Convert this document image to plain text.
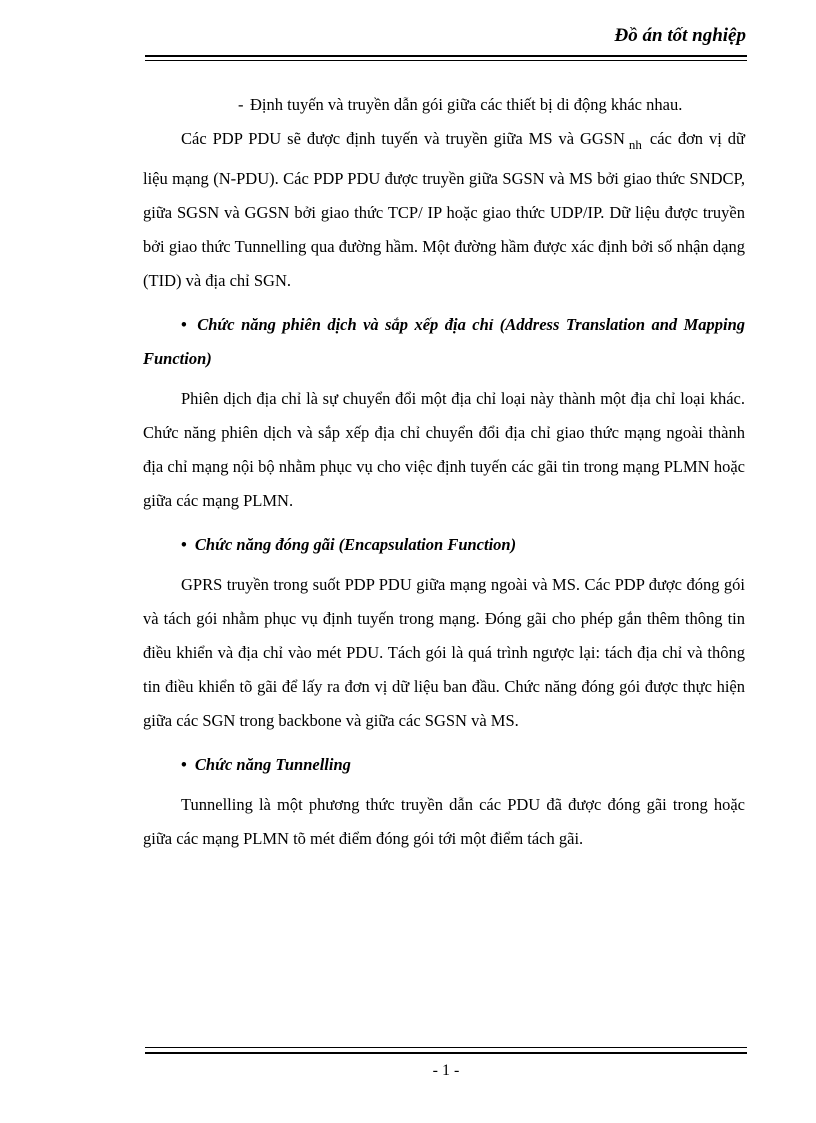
Đồ án tốt nghiệp

- Định tuyến và truyền dẫn gói giữa các thiết bị di động khác nhau.

Các PDP PDU sẽ được định tuyến và truyền giữa MS và GGSN $_{nh}$ các đơn vị dữ liệu mạng (N-PDU). Các PDP PDU được truyền giữa SGSN và MS bởi giao thức SNDCP, giữa SGSN và GGSN bởi giao thức TCP/ IP hoặc giao thức UDP/IP. Dữ liệu được truyền bởi giao thức Tunnelling qua đường hầm. Một đường hầm được xác định bởi số nhận dạng (TID) và địa chỉ SGN.

• Chức năng phiên dịch và sắp xếp địa chỉ (Address Translation and Mapping Function)

Phiên dịch địa chỉ là sự chuyển đổi một địa chỉ loại này thành một địa chỉ loại khác. Chức năng phiên dịch và sắp xếp địa chỉ chuyển đổi địa chỉ giao thức mạng ngoài thành địa chỉ mạng nội bộ nhằm phục vụ cho việc định tuyến các gãi tin trong mạng PLMN hoặc giữa các mạng PLMN.

• Chức năng đóng gãi (Encapsulation Function)

GPRS truyền trong suốt PDP PDU giữa mạng ngoài và MS. Các PDP được đóng gói và tách gói nhằm phục vụ định tuyến trong mạng. Đóng gãi cho phép gắn thêm thông tin điều khiển và địa chỉ vào mét PDU. Tách gói là quá trình ngược lại: tách địa chỉ và thông tin điều khiển tõ gãi để lấy ra đơn vị dữ liệu ban đầu. Chức năng đóng gói được thực hiện giữa các SGN trong backbone và giữa các SGSN và MS.

• Chức năng Tunnelling

Tunnelling là một phương thức truyền dẫn các PDU đã được đóng gãi trong hoặc giữa các mạng PLMN tõ mét điểm đóng gói tới một điểm tách gãi.

- 1 -
